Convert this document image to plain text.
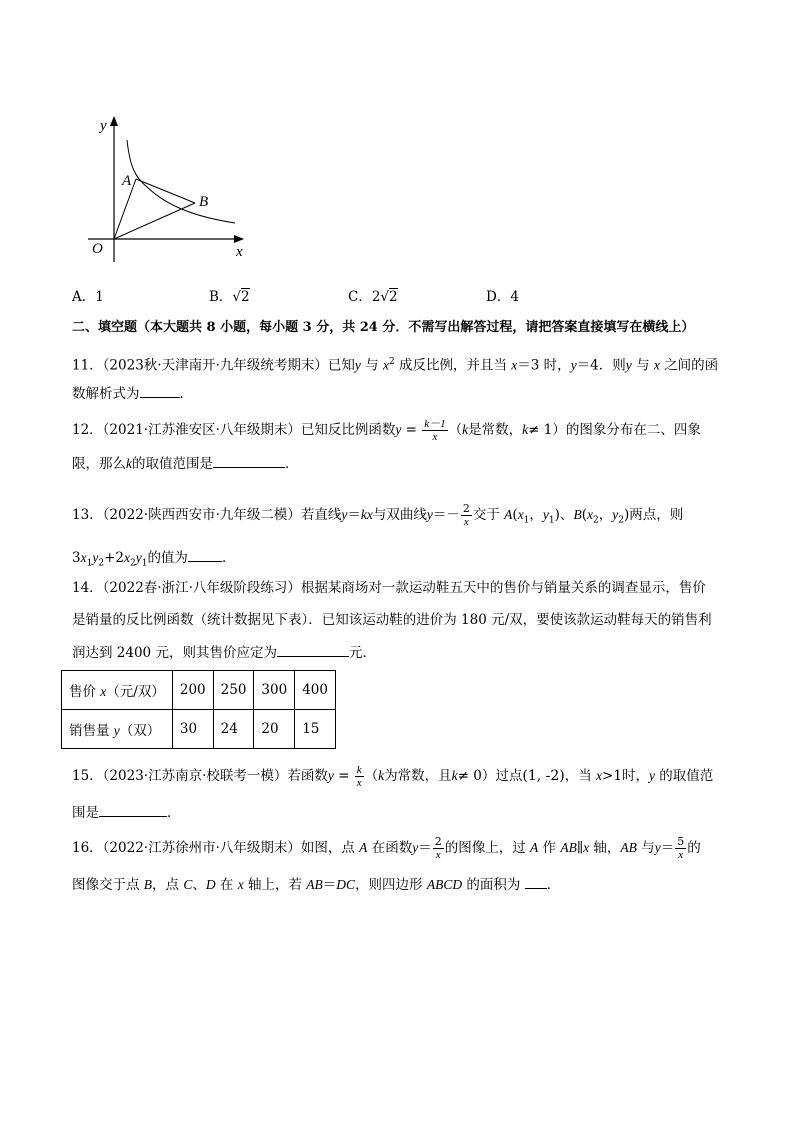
y
x
O
A
B
A．1	B．√2	C．2√2	D．4
二、填空题（本大题共 8 小题，每小题 3 分，共 24 分．不需写出解答过程，请把答案直接填写在横线上）
11．（2023秋·天津南开·九年级统考期末）已知y 与 $x^2$ 成反比例，并且当 x＝3 时，y＝4．则y 与 x 之间的函
数解析式为	．
12．（2021·江苏淮安区·八年级期末）已知反比例函数$y = \frac{k-1}{x} (k$是常数，k≠ 1）的图象分布在二、四象
限，那么k的取值范围是	．
13．（2022·陕西西安市·九年级二模）若直线y＝kx与双曲线$y=- \frac{2}{x}$ 交于 $A(x_1$，$y_1$)、$B(x_2$，$y_2$)两点，则
$3x_1y_2+2x_2y_1$的值为	．
14．（2022春·浙江·八年级阶段练习）根据某商场对一款运动鞋五天中的售价与销量关系的调查显示，售价
是销量的反比例函数（统计数据见下表）．已知该运动鞋的进价为 180 元/双，要使该款运动鞋每天的销售利
润达到 2400 元，则其售价应定为	元．
售价 x（元/双）	200	250	300	400
销售量 y（双）	30	24	20	15
15．（2023·江苏南京·校联考一模）若函数$y = \frac{k}{x} (k$为常数，且k≠ 0）过点(1, -2)，当 x>1时，y 的取值范
围是	．
16．（2022·江苏徐州市·八年级期末）如图，点 A 在函数$y= \frac{2}{x}$ 的图像上，过 A 作 AB∥x 轴，AB 与$y= \frac{5}{x}$ 的
图像交于点 B，点 C、D 在 x 轴上，若 AB＝DC，则四边形 ABCD 的面积为 ．
